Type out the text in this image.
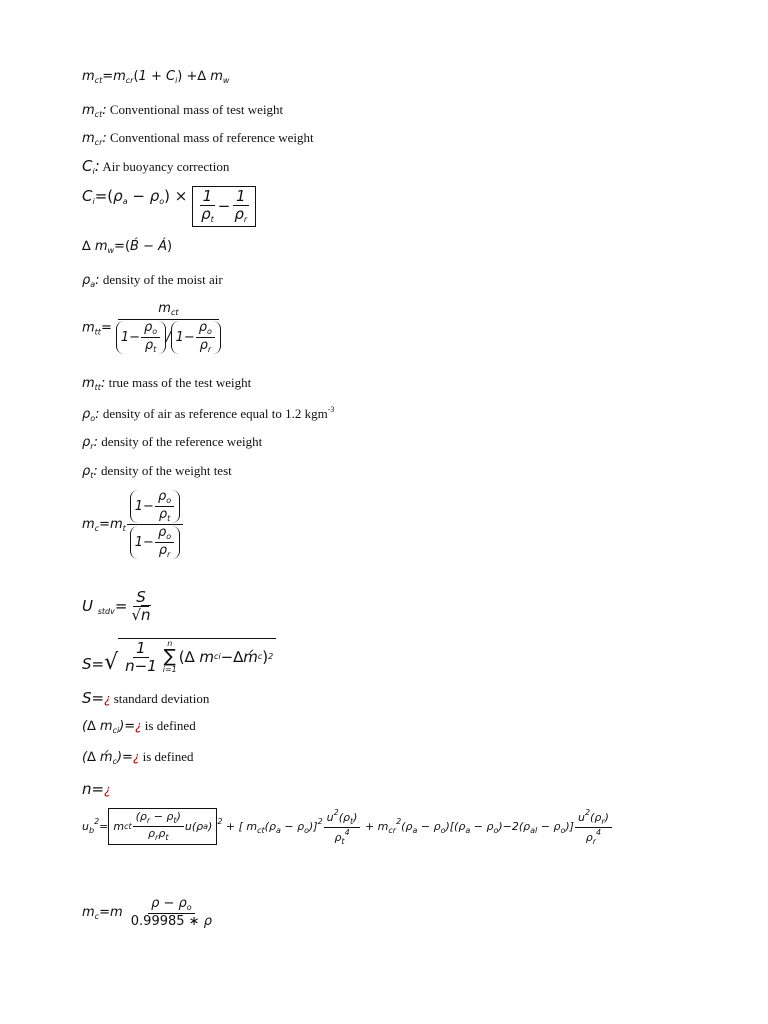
$m_{ct}=m_{cr}(1 + C_i)$ +∆ $m_w$
$m_{ct}$: Conventional mass of test weight
$m_{cr}$: Conventional mass of reference weight
$C_i$: Air buoyancy correction
$C_i=(\rho_a - \rho_o) \times 1$
$\rho_t$
−
1
$\rho_r$
∆ $m_w=(B́$ − Á)
$\rho_a$: density of the moist air
$m_{tt}=$
$m_{ct}$
1−
$\rho_o$
$\rho_t$
/ 1−
$\rho_o$
$\rho_r$
$m_{tt}$: true mass of the test weight
$\rho_o$: density of air as reference equal to 1.2 kgm$^{-3}$
$\rho_r$: density of the reference weight
$\rho_t$: density of the weight test
$m_c=m_t$
1−
$\rho_o$
$\rho_t$
1−
$\rho_o$
$\rho_r$
U $_{stdv}= \frac{S}{√n}$
S= √
1
n−1
n
∑
i=1
( ∆ m ci −∆ḿ c ) 2
S=¿ standard deviation
(∆ $m_{ci})=¿$ is defined
(∆ ḿ$_c$)=¿ is defined
n=¿
$u_b^2= m$ ct
$(\rho_r - \rho_t)$
$\rho_r\rho_t$
u(ρ a ) $^2$ + [ $m_{ct}(\rho_a - \rho_o)]^2 \frac{u^2(\rho_t)}{\rho_t^4} + m_{cr}^2(\rho_a - \rho_o)[(\rho_a - \rho_o)-2(\rho_{al} - \rho_o)] \frac{u^2(\rho_r)}{\rho_r^4}$
$m_c=m \frac{\rho - \rho_o}{0.99985 ∗ \rho}$
